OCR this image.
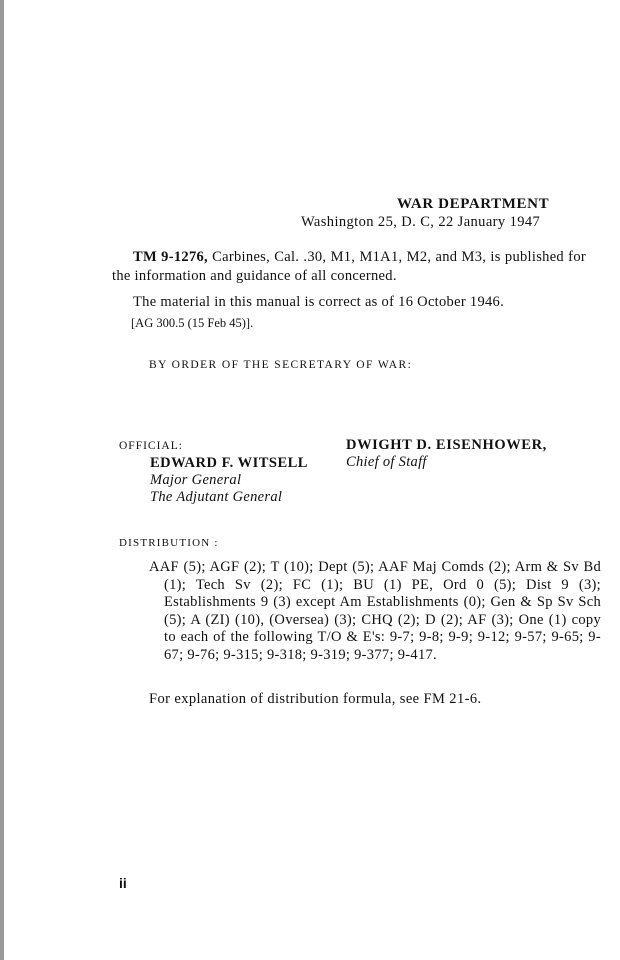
WAR DEPARTMENT
Washington 25, D. C, 22 January 1947
TM 9-1276, Carbines, Cal. .30, M1, M1A1, M2, and M3, is published for the information and guidance of all concerned.
The material in this manual is correct as of 16 October 1946.
[AG 300.5 (15 Feb 45)].
BY ORDER OF THE SECRETARY OF WAR:
OFFICIAL:
EDWARD F. WITSELL
Major General
The Adjutant General
DWIGHT D. EISENHOWER,
Chief of Staff
DISTRIBUTION :
AAF (5); AGF (2); T (10); Dept (5); AAF Maj Comds (2); Arm & Sv Bd (1); Tech Sv (2); FC (1); BU (1) PE, Ord 0 (5); Dist 9 (3); Establishments 9 (3) except Am Establishments (0); Gen & Sp Sv Sch (5); A (ZI) (10), (Oversea) (3); CHQ (2); D (2); AF (3); One (1) copy to each of the following T/O & E's: 9-7; 9-8; 9-9; 9-12; 9-57; 9-65; 9-67; 9-76; 9-315; 9-318; 9-319; 9-377; 9-417.
For explanation of distribution formula, see FM 21-6.
ii
